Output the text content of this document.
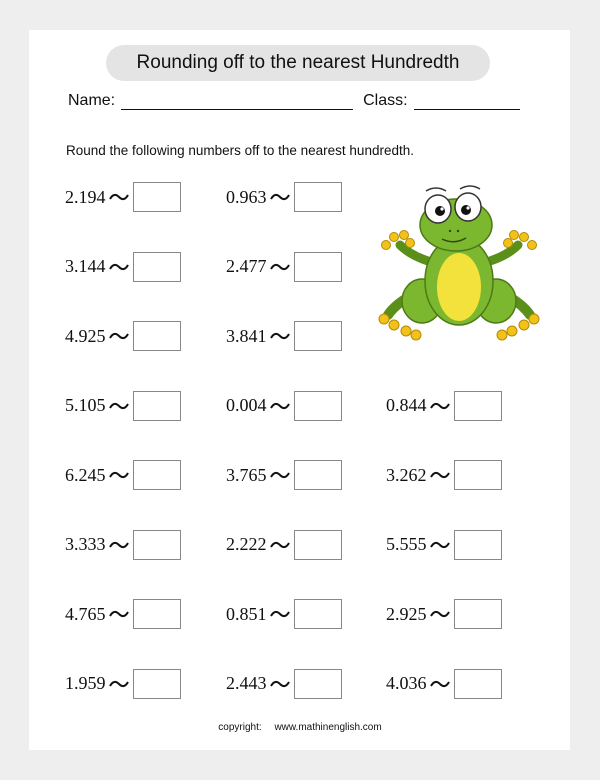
Rounding off to the nearest Hundredth
Name:	Class:
Round the following numbers off to the nearest hundredth.
2.194	0.963
3.144	2.477
4.925	3.841
5.105	0.004	0.844
6.245	3.765	3.262
3.333	2.222	5.555
4.765	0.851	2.925
1.959	2.443	4.036
copyright: www.mathinenglish.com
